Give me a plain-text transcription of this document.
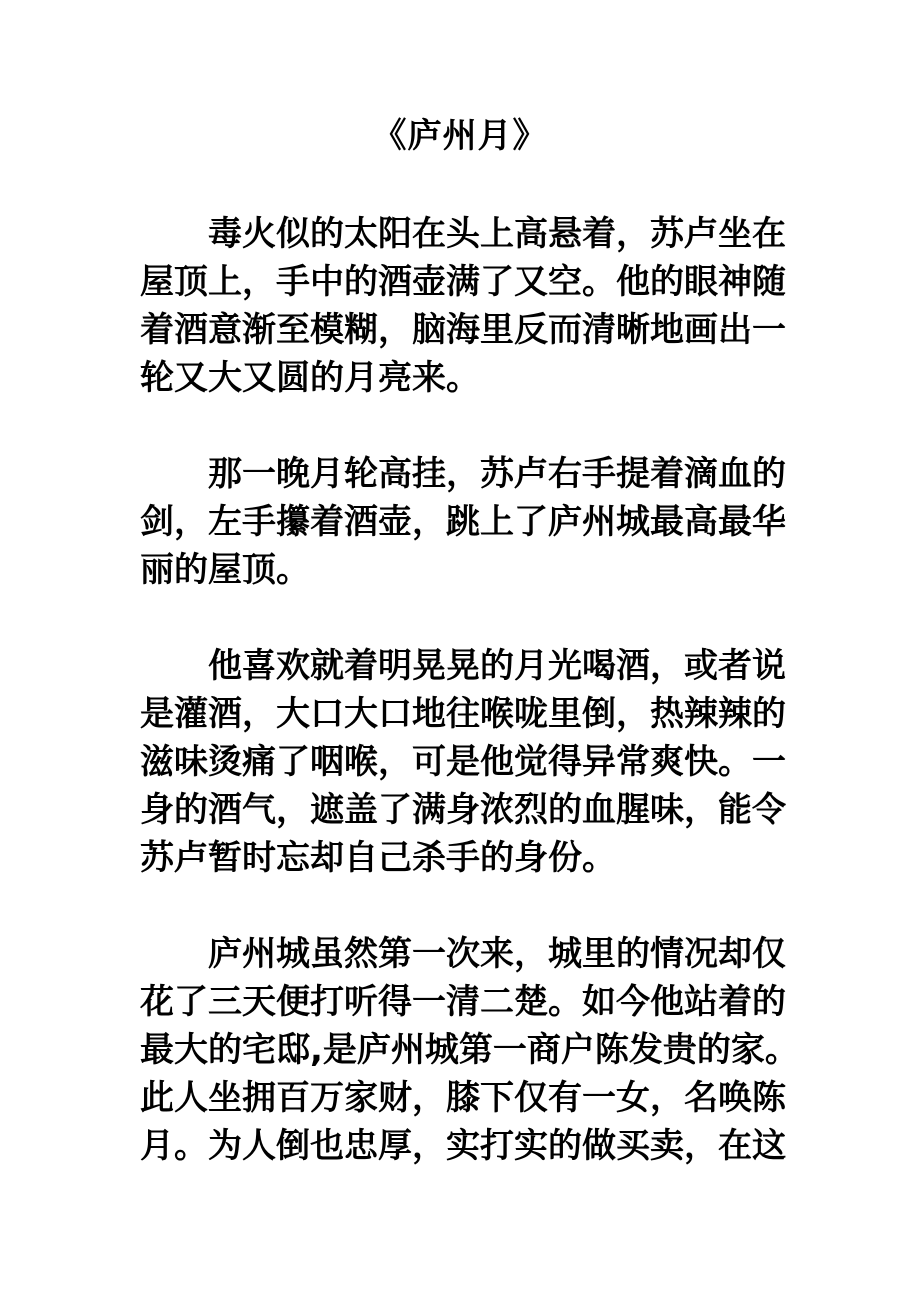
《庐州月》
毒火似的太阳在头上高悬着，苏卢坐在
屋顶上，手中的酒壶满了又空。他的眼神随
着酒意渐至模糊，脑海里反而清晰地画出一
轮又大又圆的月亮来。
那一晚月轮高挂，苏卢右手提着滴血的
剑，左手攥着酒壶，跳上了庐州城最高最华
丽的屋顶。
他喜欢就着明晃晃的月光喝酒，或者说
是灌酒，大口大口地往喉咙里倒，热辣辣的
滋味烫痛了咽喉，可是他觉得异常爽快。一
身的酒气，遮盖了满身浓烈的血腥味，能令
苏卢暂时忘却自己杀手的身份。
庐州城虽然第一次来，城里的情况却仅
花了三天便打听得一清二楚。如今他站着的
最大的宅邸,是庐州城第一商户陈发贵的家。
此人坐拥百万家财，膝下仅有一女，名唤陈
月。为人倒也忠厚，实打实的做买卖，在这
